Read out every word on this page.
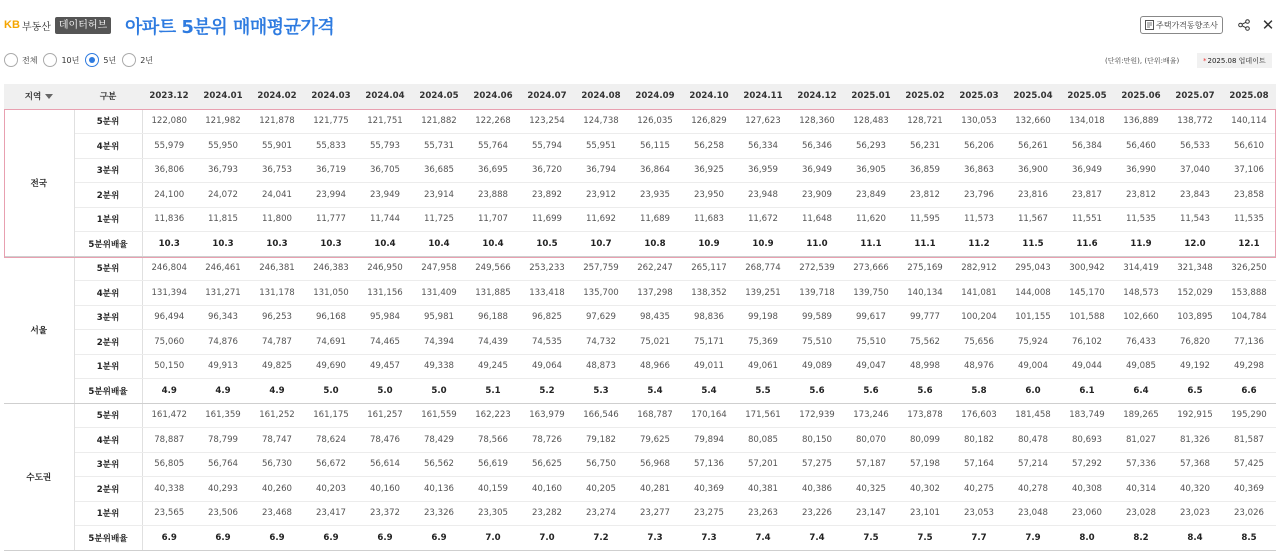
KB 부동산 데이터허브 아파트 5분위 매매평균가격	주택가격동향조사	✕
전체	10년	5년	2년	(단위:만원), (단위:배율)	* 2025.08 업데이트
지역	구분	2023.12	2024.01	2024.02	2024.03	2024.04	2024.05	2024.06	2024.07	2024.08	2024.09	2024.10	2024.11	2024.12	2025.01	2025.02	2025.03	2025.04	2025.05	2025.06	2025.07	2025.08
전국	5분위	122,080	121,982	121,878	121,775	121,751	121,882	122,268	123,254	124,738	126,035	126,829	127,623	128,360	128,483	128,721	130,053	132,660	134,018	136,889	138,772	140,114
	4분위	55,979	55,950	55,901	55,833	55,793	55,731	55,764	55,794	55,951	56,115	56,258	56,334	56,346	56,293	56,231	56,206	56,261	56,384	56,460	56,533	56,610
	3분위	36,806	36,793	36,753	36,719	36,705	36,685	36,695	36,720	36,794	36,864	36,925	36,959	36,949	36,905	36,859	36,863	36,900	36,949	36,990	37,040	37,106
	2분위	24,100	24,072	24,041	23,994	23,949	23,914	23,888	23,892	23,912	23,935	23,950	23,948	23,909	23,849	23,812	23,796	23,816	23,817	23,812	23,843	23,858
	1분위	11,836	11,815	11,800	11,777	11,744	11,725	11,707	11,699	11,692	11,689	11,683	11,672	11,648	11,620	11,595	11,573	11,567	11,551	11,535	11,543	11,535
	5분위배율	10.3	10.3	10.3	10.3	10.4	10.4	10.4	10.5	10.7	10.8	10.9	10.9	11.0	11.1	11.1	11.2	11.5	11.6	11.9	12.0	12.1
서울	5분위	246,804	246,461	246,381	246,383	246,950	247,958	249,566	253,233	257,759	262,247	265,117	268,774	272,539	273,666	275,169	282,912	295,043	300,942	314,419	321,348	326,250
	4분위	131,394	131,271	131,178	131,050	131,156	131,409	131,885	133,418	135,700	137,298	138,352	139,251	139,718	139,750	140,134	141,081	144,008	145,170	148,573	152,029	153,888
	3분위	96,494	96,343	96,253	96,168	95,984	95,981	96,188	96,825	97,629	98,435	98,836	99,198	99,589	99,617	99,777	100,204	101,155	101,588	102,660	103,895	104,784
	2분위	75,060	74,876	74,787	74,691	74,465	74,394	74,439	74,535	74,732	75,021	75,171	75,369	75,510	75,510	75,562	75,656	75,924	76,102	76,433	76,820	77,136
	1분위	50,150	49,913	49,825	49,690	49,457	49,338	49,245	49,064	48,873	48,966	49,011	49,061	49,089	49,047	48,998	48,976	49,004	49,044	49,085	49,192	49,298
	5분위배율	4.9	4.9	4.9	5.0	5.0	5.0	5.1	5.2	5.3	5.4	5.4	5.5	5.6	5.6	5.6	5.8	6.0	6.1	6.4	6.5	6.6
수도권	5분위	161,472	161,359	161,252	161,175	161,257	161,559	162,223	163,979	166,546	168,787	170,164	171,561	172,939	173,246	173,878	176,603	181,458	183,749	189,265	192,915	195,290
	4분위	78,887	78,799	78,747	78,624	78,476	78,429	78,566	78,726	79,182	79,625	79,894	80,085	80,150	80,070	80,099	80,182	80,478	80,693	81,027	81,326	81,587
	3분위	56,805	56,764	56,730	56,672	56,614	56,562	56,619	56,625	56,750	56,968	57,136	57,201	57,275	57,187	57,198	57,164	57,214	57,292	57,336	57,368	57,425
	2분위	40,338	40,293	40,260	40,203	40,160	40,136	40,159	40,160	40,205	40,281	40,369	40,381	40,386	40,325	40,302	40,275	40,278	40,308	40,314	40,320	40,369
	1분위	23,565	23,506	23,468	23,417	23,372	23,326	23,305	23,282	23,274	23,277	23,275	23,263	23,226	23,147	23,101	23,053	23,048	23,060	23,028	23,023	23,026
	5분위배율	6.9	6.9	6.9	6.9	6.9	6.9	7.0	7.0	7.2	7.3	7.3	7.4	7.4	7.5	7.5	7.7	7.9	8.0	8.2	8.4	8.5
